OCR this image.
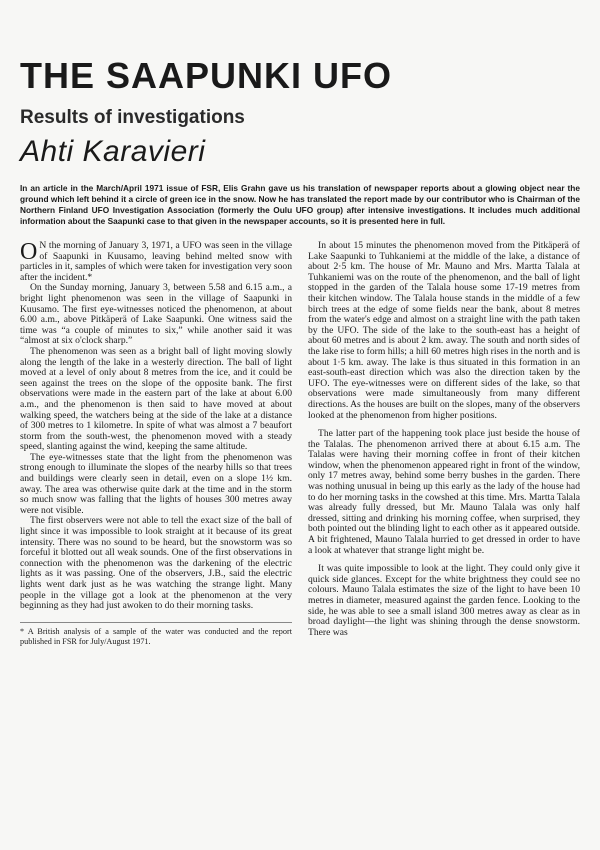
THE SAAPUNKI UFO
Results of investigations
Ahti Karavieri
In an article in the March/April 1971 issue of FSR, Elis Grahn gave us his translation of newspaper reports about a glowing object near the ground which left behind it a circle of green ice in the snow. Now he has translated the report made by our contributor who is Chairman of the Northern Finland UFO Investigation Association (formerly the Oulu UFO group) after intensive investigations. It includes much additional information about the Saapunki case to that given in the newspaper accounts, so it is presented here in full.

O N the morning of January 3, 1971, a UFO was seen in the village of Saapunki in Kuusamo, leaving behind melted snow with particles in it, samples of which were taken for investigation very soon after the incident.*

On the Sunday morning, January 3, between 5.58 and 6.15 a.m., a bright light phenomenon was seen in the village of Saapunki in Kuusamo. The first eye-witnesses noticed the phenomenon, at about 6.00 a.m., above Pitkäperä of Lake Saapunki. One witness said the time was “a couple of minutes to six,” while another said it was “almost at six o'clock sharp.”

The phenomenon was seen as a bright ball of light moving slowly along the length of the lake in a westerly direction. The ball of light moved at a level of only about 8 metres from the ice, and it could be seen against the trees on the slope of the opposite bank. The first observations were made in the eastern part of the lake at about 6.00 a.m., and the phenomenon is then said to have moved at about walking speed, the watchers being at the side of the lake at a distance of 300 metres to 1 kilometre. In spite of what was almost a 7 beaufort storm from the south-west, the phenomenon moved with a steady speed, slanting against the wind, keeping the same altitude.

The eye-witnesses state that the light from the phenomenon was strong enough to illuminate the slopes of the nearby hills so that trees and buildings were clearly seen in detail, even on a slope 1½ km. away. The area was otherwise quite dark at the time and in the storm so much snow was falling that the lights of houses 300 metres away were not visible.

The first observers were not able to tell the exact size of the ball of light since it was impossible to look straight at it because of its great intensity. There was no sound to be heard, but the snowstorm was so forceful it blotted out all weak sounds. One of the first observations in connection with the phenomenon was the darkening of the electric lights as it was passing. One of the observers, J.B., said the electric lights went dark just as he was watching the strange light. Many people in the village got a look at the phenomenon at the very beginning as they had just awoken to do their morning tasks.

* A British analysis of a sample of the water was conducted and the report published in FSR for July/August 1971.

In about 15 minutes the phenomenon moved from the Pitkäperä of Lake Saapunki to Tuhkaniemi at the middle of the lake, a distance of about 2·5 km. The house of Mr. Mauno and Mrs. Martta Talala at Tuhkaniemi was on the route of the phenomenon, and the ball of light stopped in the garden of the Talala house some 17-19 metres from their kitchen window. The Talala house stands in the middle of a few birch trees at the edge of some fields near the bank, about 8 metres from the water's edge and almost on a straight line with the path taken by the UFO. The side of the lake to the south-east has a height of about 60 metres and is about 2 km. away. The south and north sides of the lake rise to form hills; a hill 60 metres high rises in the north and is about 1·5 km. away. The lake is thus situated in this formation in an east-south-east direction which was also the direction taken by the UFO. The eye-witnesses were on different sides of the lake, so that observations were made simultaneously from many different directions. As the houses are built on the slopes, many of the observers looked at the phenomenon from higher positions.

The latter part of the happening took place just beside the house of the Talalas. The phenomenon arrived there at about 6.15 a.m. The Talalas were having their morning coffee in front of their kitchen window, when the phenomenon appeared right in front of the window, only 17 metres away, behind some berry bushes in the garden. There was nothing unusual in being up this early as the lady of the house had to do her morning tasks in the cowshed at this time. Mrs. Martta Talala was already fully dressed, but Mr. Mauno Talala was only half dressed, sitting and drinking his morning coffee, when surprised, they both pointed out the blinding light to each other as it appeared outside. A bit frightened, Mauno Talala hurried to get dressed in order to have a look at whatever that strange light might be.

It was quite impossible to look at the light. They could only give it quick side glances. Except for the white brightness they could see no colours. Mauno Talala estimates the size of the light to have been 10 metres in diameter, measured against the garden fence. Looking to the side, he was able to see a small island 300 metres away as clear as in broad daylight—the light was shining through the dense snowstorm. There was
